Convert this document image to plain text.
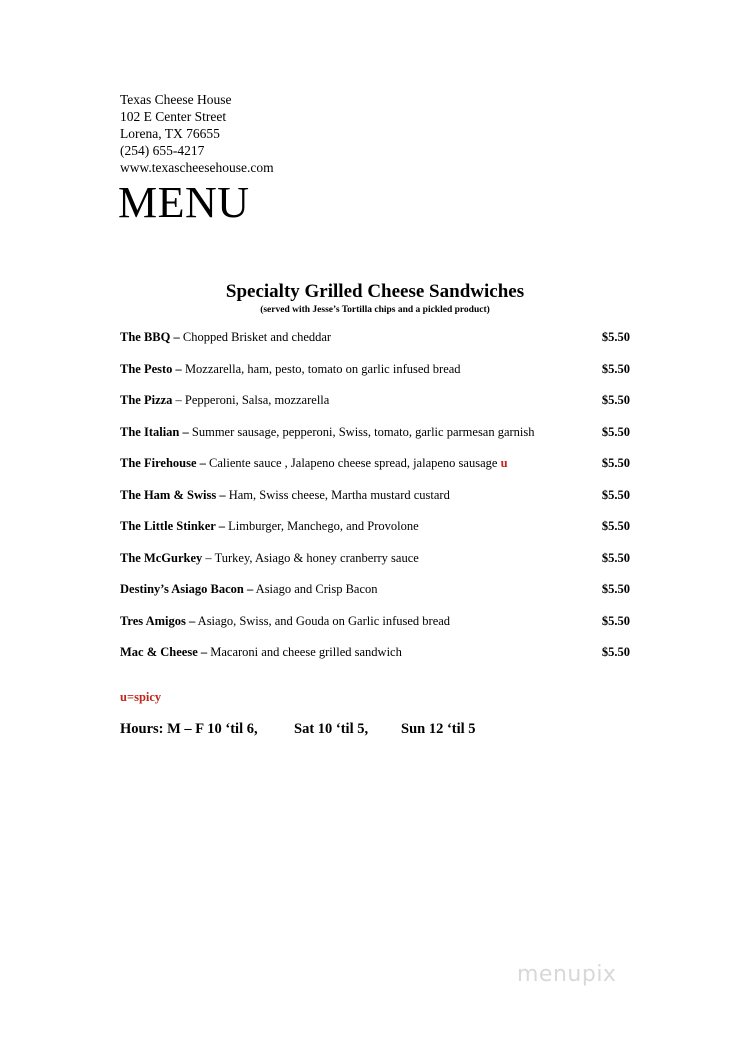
Texas Cheese House
102 E Center Street
Lorena, TX 76655
(254) 655-4217
www.texascheesehouse.com
MENU
Specialty Grilled Cheese Sandwiches
(served with Jesse’s Tortilla chips and a pickled product)
The BBQ – Chopped Brisket and cheddar	$5.50
The Pesto – Mozzarella, ham, pesto, tomato on garlic infused bread	$5.50
The Pizza – Pepperoni, Salsa, mozzarella	$5.50
The Italian – Summer sausage, pepperoni, Swiss, tomato, garlic parmesan garnish	$5.50
The Firehouse – Caliente sauce , Jalapeno cheese spread, jalapeno sausage u	$5.50
The Ham & Swiss – Ham, Swiss cheese, Martha mustard custard	$5.50
The Little Stinker – Limburger, Manchego, and Provolone	$5.50
The McGurkey – Turkey, Asiago & honey cranberry sauce	$5.50
Destiny’s Asiago Bacon – Asiago and Crisp Bacon	$5.50
Tres Amigos – Asiago, Swiss, and Gouda on Garlic infused bread	$5.50
Mac & Cheese – Macaroni and cheese grilled sandwich	$5.50
u=spicy
Hours: M – F 10 ‘til 6,	Sat 10 ‘til 5, Sun 12 ‘til 5
menupix
